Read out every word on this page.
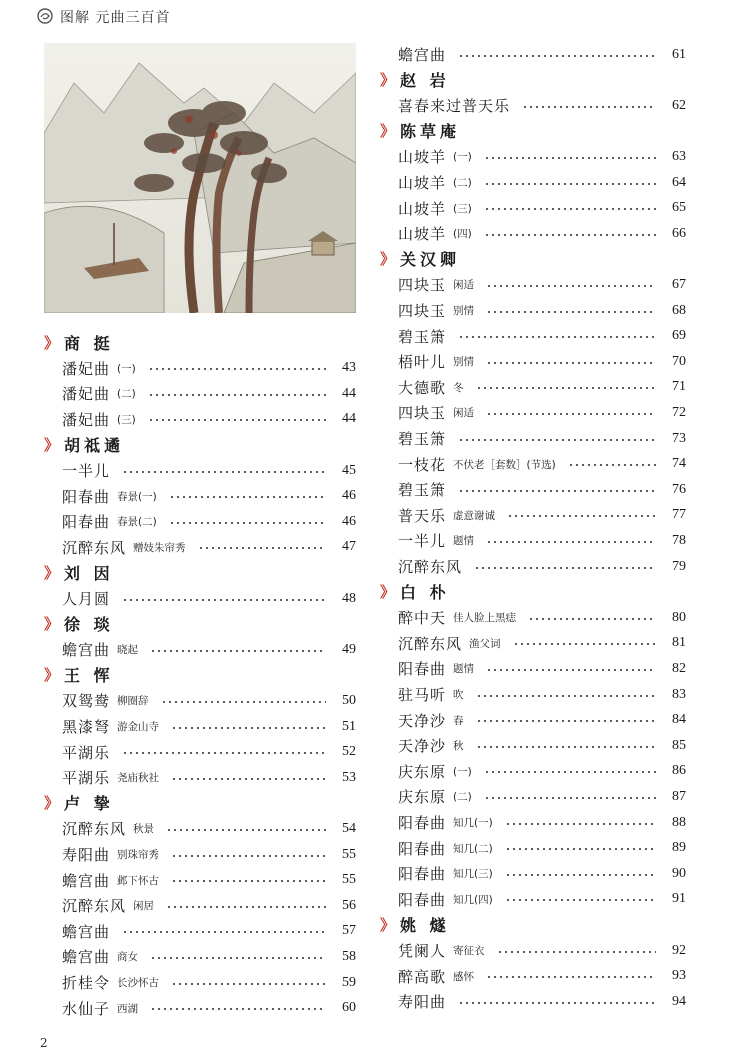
图解 元曲三百首
》 商 挺
潘妃曲 (一)	43
潘妃曲 (二)	44
潘妃曲 (三)	44
》 胡祗遹
一半儿	45
阳春曲 春景(一)	46
阳春曲 春景(二)	46
沉醉东风 赠妓朱帘秀	47
》 刘 因
人月圆	48
》 徐 琰
蟾宫曲 晓起	49
》 王 恽
双鸳鸯 柳圈辞	50
黑漆弩 游金山寺	51
平湖乐	52
平湖乐 尧庙秋社	53
》 卢 挚
沉醉东风 秋景	54
寿阳曲 别珠帘秀	55
蟾宫曲 邺下怀古	55
沉醉东风 闲居	56
蟾宫曲	57
蟾宫曲 商女	58
折桂令 长沙怀古	59
水仙子 西湖	60
蟾宫曲	61
》 赵 岩
喜春来过普天乐	62
》 陈草庵
山坡羊 (一)	63
山坡羊 (二)	64
山坡羊 (三)	65
山坡羊 (四)	66
》 关汉卿
四块玉 闲适	67
四块玉 别情	68
碧玉箫	69
梧叶儿 别情	70
大德歌 冬	71
四块玉 闲适	72
碧玉箫	73
一枝花 不伏老［套数］(节选)	74
碧玉箫	76
普天乐 虚意谢诚	77
一半儿 题情	78
沉醉东风	79
》 白 朴
醉中天 佳人脸上黑痣	80
沉醉东风 渔父词	81
阳春曲 题情	82
驻马听 吹	83
天净沙 春	84
天净沙 秋	85
庆东原 (一)	86
庆东原 (二)	87
阳春曲 知几(一)	88
阳春曲 知几(二)	89
阳春曲 知几(三)	90
阳春曲 知几(四)	91
》 姚 燧
凭阑人 寄征衣	92
醉高歌 感怀	93
寿阳曲	94
2
